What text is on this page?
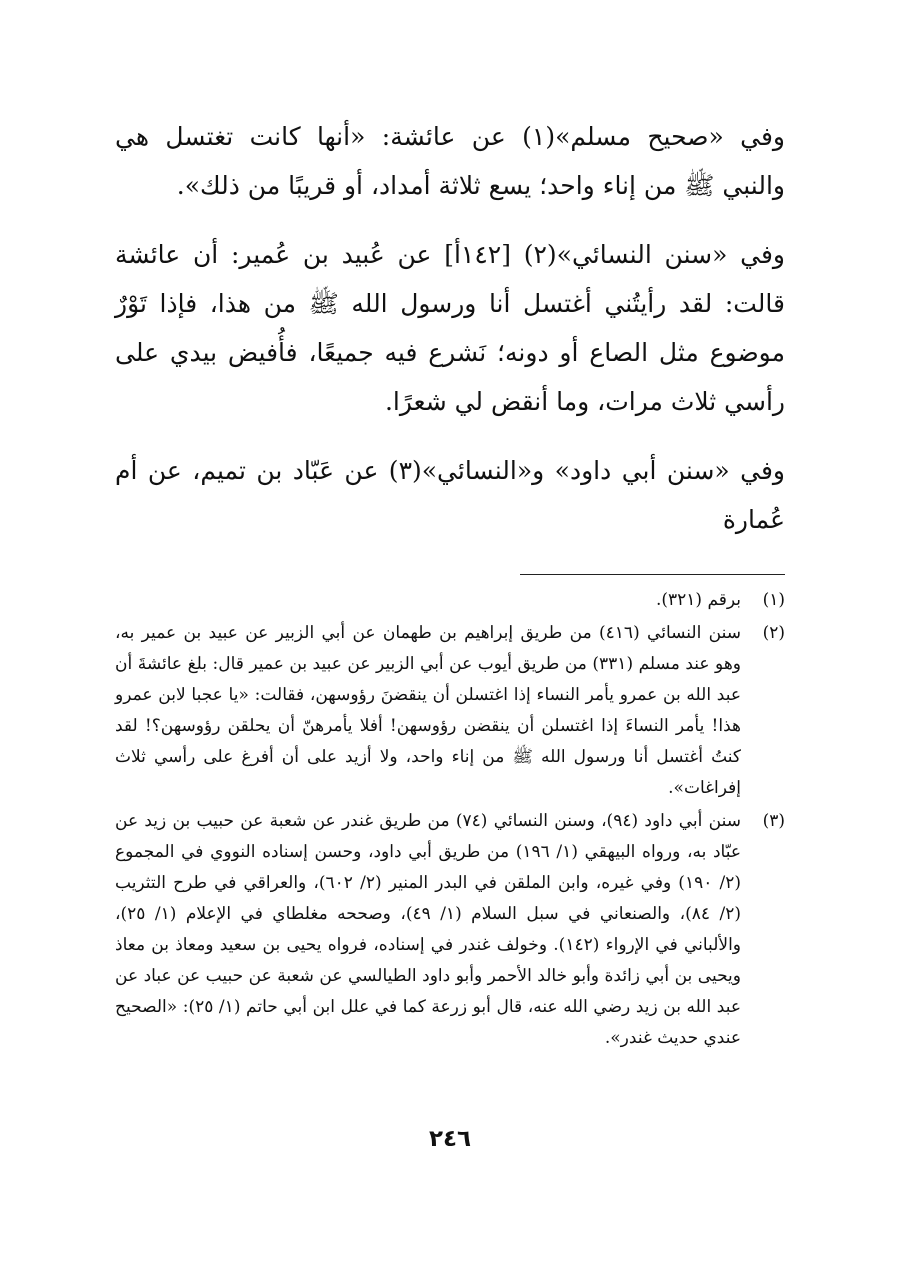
وفي «صحيح مسلم»(١) عن عائشة: «أنها كانت تغتسل هي والنبي ﷺ من إناء واحد؛ يسع ثلاثة أمداد، أو قريبًا من ذلك».

وفي «سنن النسائي»(٢) [١٤٢أ] عن عُبيد بن عُمير: أن عائشة قالت: لقد رأيتُني أغتسل أنا ورسول الله ﷺ من هذا، فإذا تَوْرٌ موضوع مثل الصاع أو دونه؛ نَشرع فيه جميعًا، فأُفيض بيدي على رأسي ثلاث مرات، وما أنقض لي شعرًا.

وفي «سنن أبي داود» و«النسائي»(٣) عن عَبّاد بن تميم، عن أم عُمارة

(١)
برقم (٣٢١).
(٢)
سنن النسائي (٤١٦) من طريق إبراهيم بن طهمان عن أبي الزبير عن عبيد بن عمير به، وهو عند مسلم (٣٣١) من طريق أيوب عن أبي الزبير عن عبيد بن عمير قال: بلغ عائشةَ أن عبد الله بن عمرو يأمر النساء إذا اغتسلن أن ينقضنَ رؤوسهن، فقالت: «يا عجبا لابن عمرو هذا! يأمر النساءَ إذا اغتسلن أن ينقضن رؤوسهن! أفلا يأمرهنّ أن يحلقن رؤوسهن؟! لقد كنتُ أغتسل أنا ورسول الله ﷺ من إناء واحد، ولا أزيد على أن أفرغ على رأسي ثلاث إفراغات».
(٣)
سنن أبي داود (٩٤)، وسنن النسائي (٧٤) من طريق غندر عن شعبة عن حبيب بن زيد عن عبّاد به، ورواه البيهقي (١/ ١٩٦) من طريق أبي داود، وحسن إسناده النووي في المجموع (٢/ ١٩٠) وفي غيره، وابن الملقن في البدر المنير (٢/ ٦٠٢)، والعراقي في طرح التثريب (٢/ ٨٤)، والصنعاني في سبل السلام (١/ ٤٩)، وصححه مغلطاي في الإعلام (١/ ٢٥)، والألباني في الإرواء (١٤٢). وخولف غندر في إسناده، فرواه يحيى بن سعيد ومعاذ بن معاذ ويحيى بن أبي زائدة وأبو خالد الأحمر وأبو داود الطيالسي عن شعبة عن حبيب عن عباد عن عبد الله بن زيد رضي الله عنه، قال أبو زرعة كما في علل ابن أبي حاتم (١/ ٢٥): «الصحيح عندي حديث غندر».
٢٤٦
